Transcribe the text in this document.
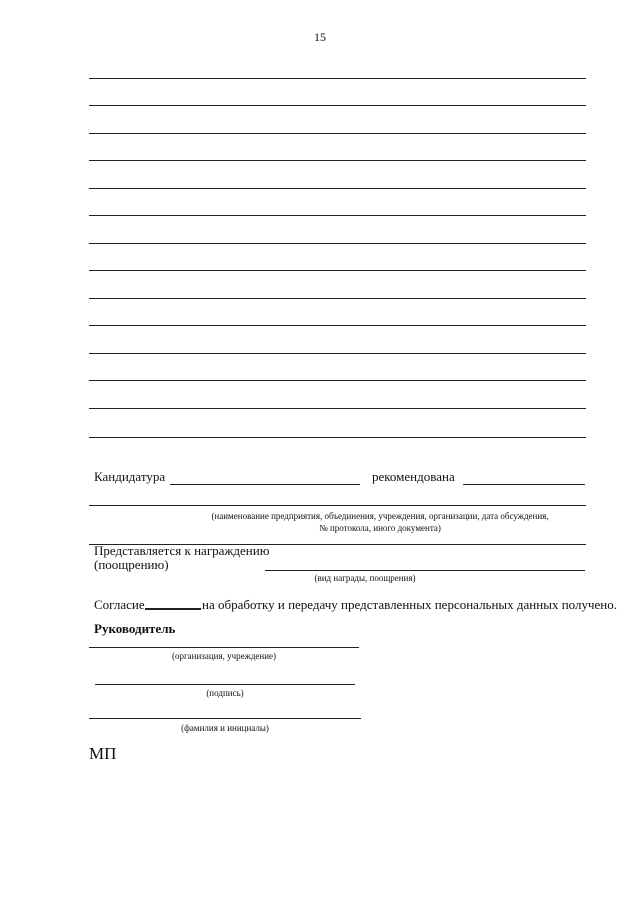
15
Кандидатура	рекомендована
(наименование предприятия, объединения, учреждения, организации, дата обсуждения,
№ протокола, иного документа)
Представляется к награждению
(поощрению)
(вид награды, поощрения)
Согласие	на обработку и передачу представленных персональных данных получено.
Руководитель
(организация, учреждение)
(подпись)
(фамилия и инициалы)
МП
